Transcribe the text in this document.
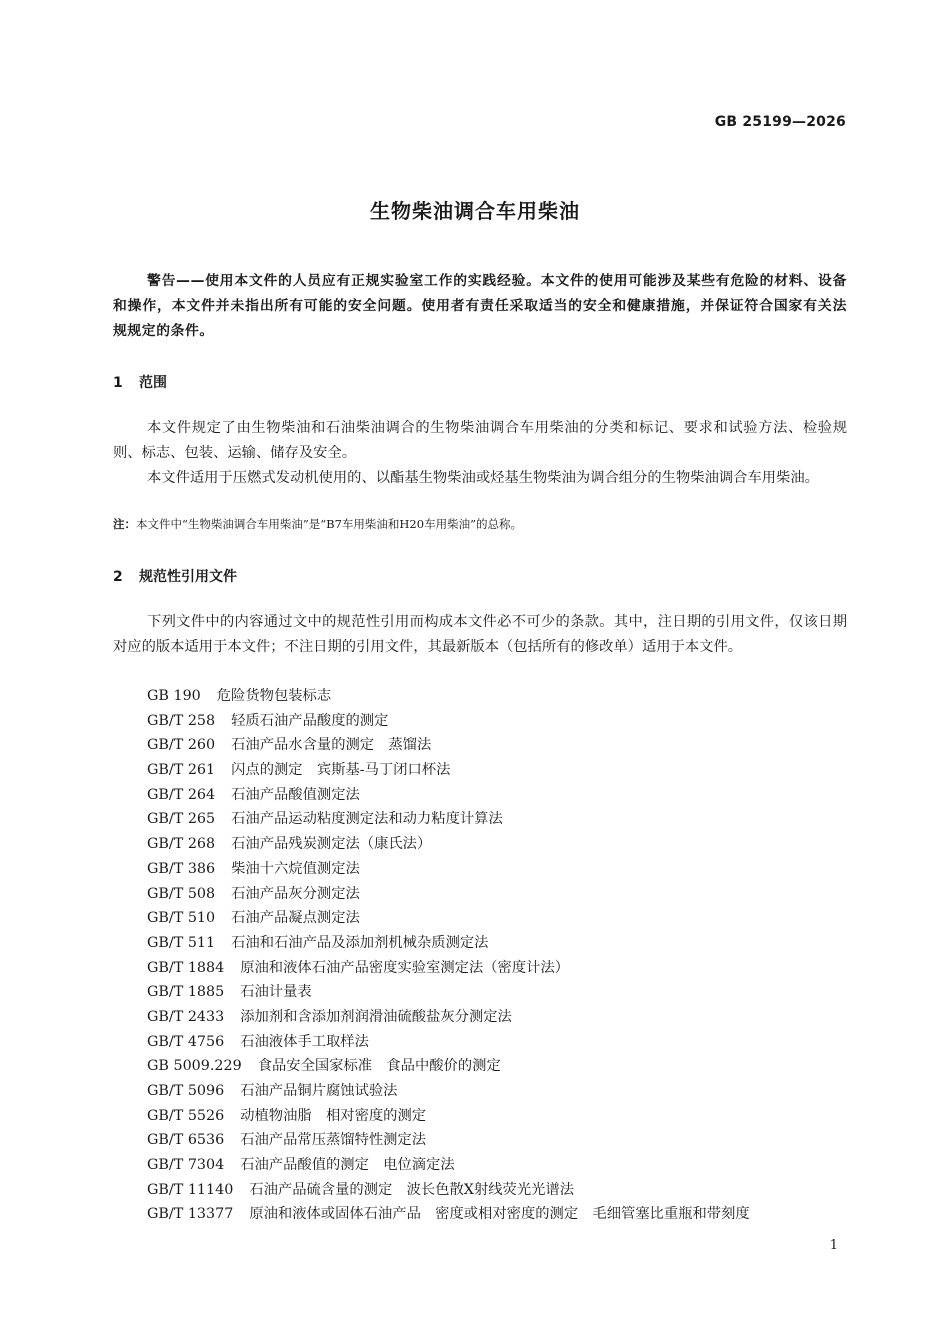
GB 25199—2026
生物柴油调合车用柴油

警告——使用本文件的人员应有正规实验室工作的实践经验。本文件的使用可能涉及某些有危险的材料、设备和操作，本文件并未指出所有可能的安全问题。使用者有责任采取适当的安全和健康措施，并保证符合国家有关法规规定的条件。

1 范围

本文件规定了由生物柴油和石油柴油调合的生物柴油调合车用柴油的分类和标记、要求和试验方法、检验规则、标志、包装、运输、储存及安全。

本文件适用于压燃式发动机使用的、以酯基生物柴油或烃基生物柴油为调合组分的生物柴油调合车用柴油。

注：本文件中“生物柴油调合车用柴油”是“B7车用柴油和H20车用柴油”的总称。
2 规范性引用文件

下列文件中的内容通过文中的规范性引用而构成本文件必不可少的条款。其中，注日期的引用文件，仅该日期对应的版本适用于本文件；不注日期的引用文件，其最新版本（包括所有的修改单）适用于本文件。

GB 190 危险货物包装标志
GB/T 258 轻质石油产品酸度的测定
GB/T 260 石油产品水含量的测定　蒸馏法
GB/T 261 闪点的测定　宾斯基-马丁闭口杯法
GB/T 264 石油产品酸值测定法
GB/T 265 石油产品运动粘度测定法和动力粘度计算法
GB/T 268 石油产品残炭测定法（康氏法）
GB/T 386 柴油十六烷值测定法
GB/T 508 石油产品灰分测定法
GB/T 510 石油产品凝点测定法
GB/T 511 石油和石油产品及添加剂机械杂质测定法
GB/T 1884 原油和液体石油产品密度实验室测定法（密度计法）
GB/T 1885 石油计量表
GB/T 2433 添加剂和含添加剂润滑油硫酸盐灰分测定法
GB/T 4756 石油液体手工取样法
GB 5009.229 食品安全国家标准　食品中酸价的测定
GB/T 5096 石油产品铜片腐蚀试验法
GB/T 5526 动植物油脂　相对密度的测定
GB/T 6536 石油产品常压蒸馏特性测定法
GB/T 7304 石油产品酸值的测定　电位滴定法
GB/T 11140 石油产品硫含量的测定　波长色散X射线荧光光谱法
GB/T 13377 原油和液体或固体石油产品　密度或相对密度的测定　毛细管塞比重瓶和带刻度
1
